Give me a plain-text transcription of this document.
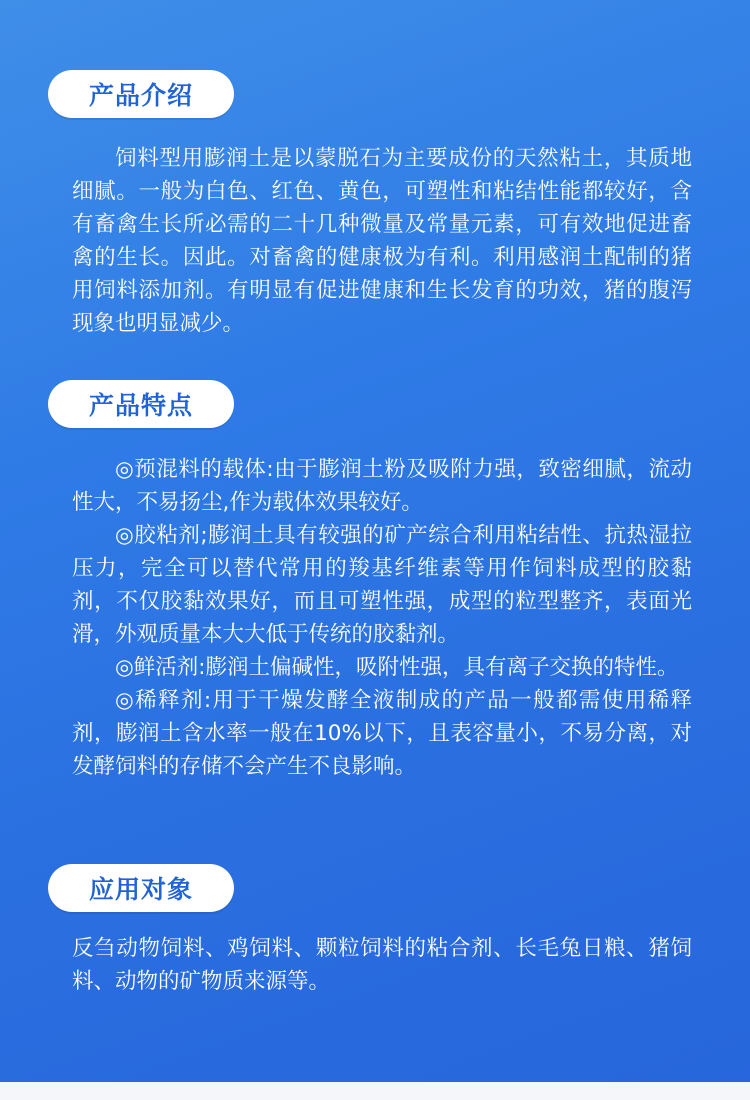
产品介绍

饲料型用膨润土是以蒙脱石为主要成份的天然粘土，其质地细腻。一般为白色、红色、黄色，可塑性和粘结性能都较好，含有畜禽生长所必需的二十几种微量及常量元素，可有效地促进畜禽的生长。因此。对畜禽的健康极为有利。利用感润土配制的猪用饲料添加剂。有明显有促进健康和生长发育的功效，猪的腹泻现象也明显减少。

产品特点

◎预混料的载体:由于膨润土粉及吸附力强，致密细腻，流动性大，不易扬尘,作为载体效果较好。

◎胶粘剂;膨润土具有较强的矿产综合利用粘结性、抗热湿拉压力，完全可以替代常用的羧基纤维素等用作饲料成型的胶黏剂，不仅胶黏效果好，而且可塑性强，成型的粒型整齐，表面光滑，外观质量本大大低于传统的胶黏剂。

◎鲜活剂:膨润土偏碱性，吸附性强，具有离子交换的特性。

◎稀释剂:用于干燥发酵全液制成的产品一般都需使用稀释剂，膨润土含水率一般在10%以下，且表容量小，不易分离，对发酵饲料的存储不会产生不良影响。

应用对象

反刍动物饲料、鸡饲料、颗粒饲料的粘合剂、长毛兔日粮、猪饲料、动物的矿物质来源等。
